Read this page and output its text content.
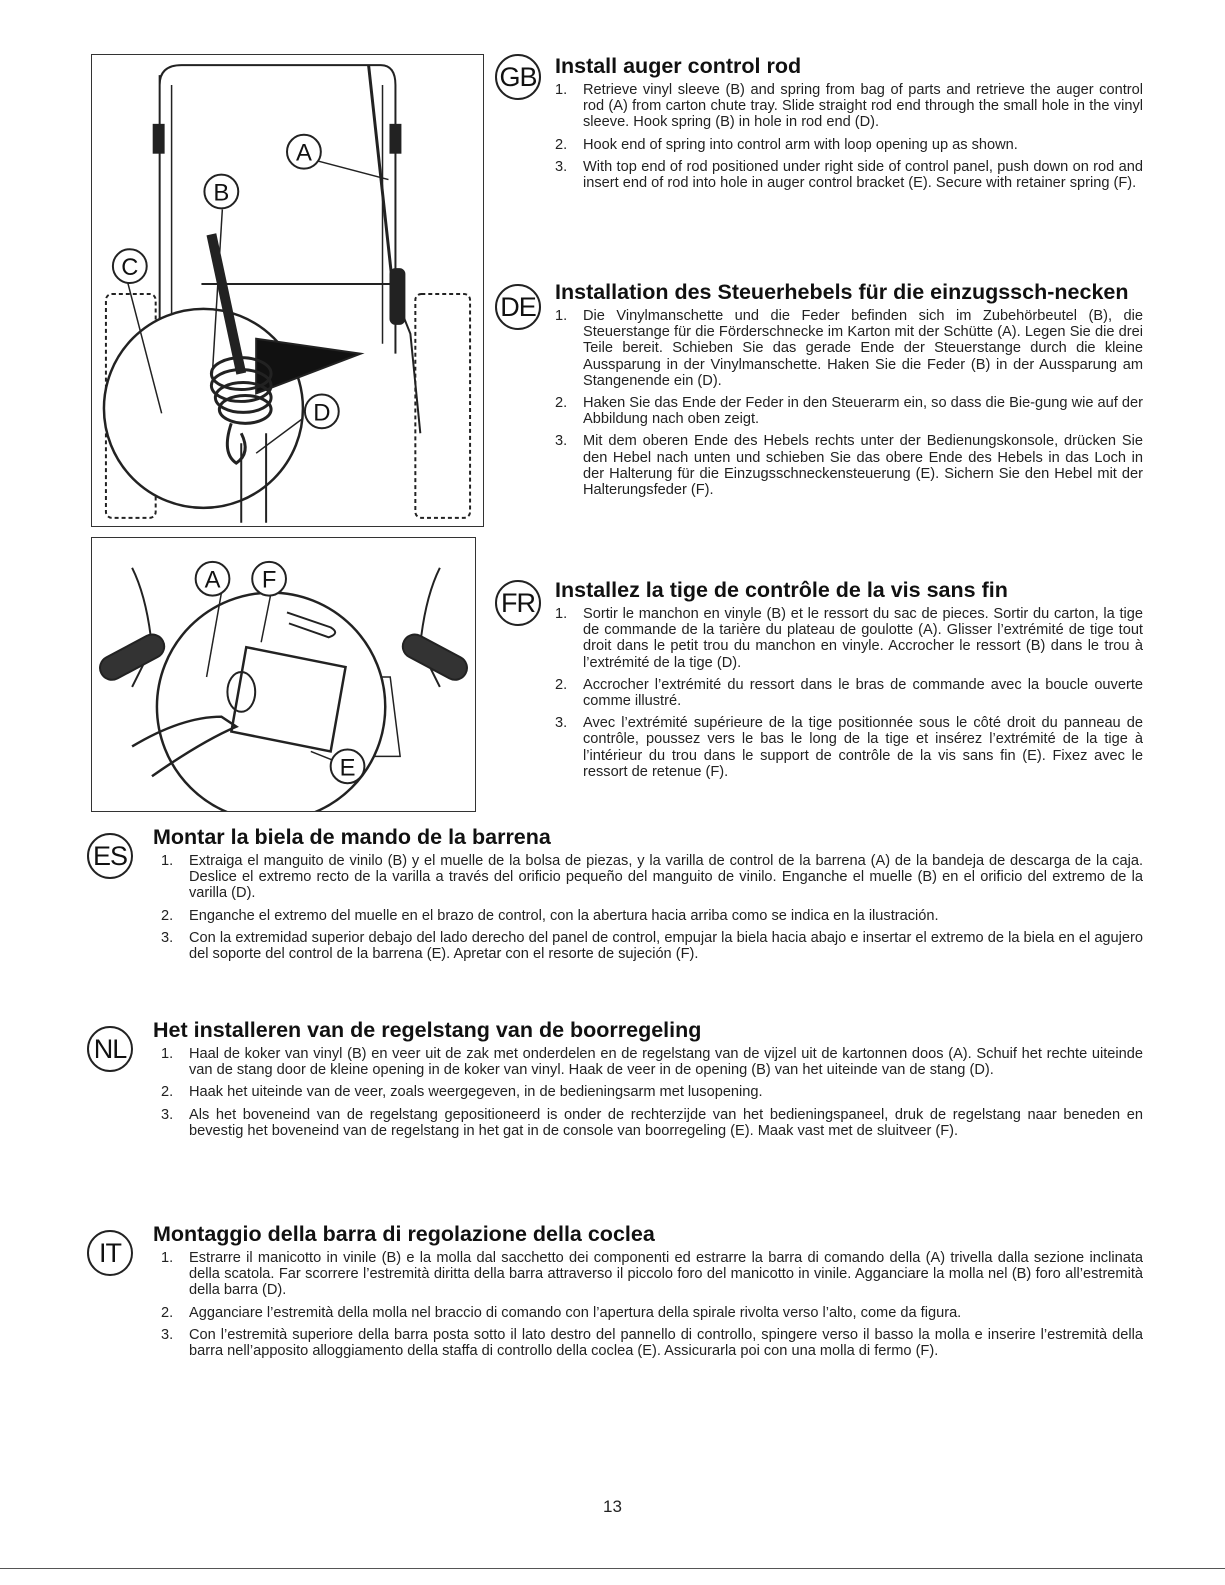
A
B
C
D
A F
E
GB Install auger control rod
1. Retrieve vinyl sleeve (B) and spring from bag of parts and retrieve the auger control rod (A) from carton chute tray. Slide straight rod end through the small hole in the vinyl sleeve. Hook spring (B) in hole in rod end (D).
2. Hook end of spring into control arm with loop opening up as shown.
3. With top end of rod positioned under right side of control panel, push down on rod and insert end of rod into hole in auger control bracket (E). Secure with retainer spring (F).
DE Installation des Steuerhebels für die einzugssch-necken
1. Die Vinylmanschette und die Feder befinden sich im Zubehörbeutel (B), die Steuerstange für die Förderschnecke im Karton mit der Schütte (A). Legen Sie die drei Teile bereit. Schieben Sie das gerade Ende der Steuerstange durch die kleine Aussparung in der Vinylmanschette. Haken Sie die Feder (B) in der Aussparung am Stangenende ein (D).
2. Haken Sie das Ende der Feder in den Steuerarm ein, so dass die Bie-gung wie auf der Abbildung nach oben zeigt.
3. Mit dem oberen Ende des Hebels rechts unter der Bedienungskonsole, drücken Sie den Hebel nach unten und schieben Sie das obere Ende des Hebels in das Loch in der Halterung für die Einzugsschneckensteuerung (E). Sichern Sie den Hebel mit der Halterungsfeder (F).
FR Installez la tige de contrôle de la vis sans fin
1. Sortir le manchon en vinyle (B) et le ressort du sac de pieces. Sortir du carton, la tige de commande de la tarière du plateau de goulotte (A). Glisser l’extrémité de tige tout droit dans le petit trou du manchon en vinyle. Accrocher le ressort (B) dans le trou à l’extrémité de la tige (D).
2. Accrocher l’extrémité du ressort dans le bras de commande avec la boucle ouverte comme illustré.
3. Avec l’extrémité supérieure de la tige positionnée sous le côté droit du panneau de contrôle, poussez vers le bas le long de la tige et insérez l’extrémité de la tige à l’intérieur du trou dans le support de contrôle de la vis sans fin (E). Fixez avec le ressort de retenue (F).
ES
Montar la biela de mando de la barrena
1. Extraiga el manguito de vinilo (B) y el muelle de la bolsa de piezas, y la varilla de control de la barrena (A) de la bandeja de descarga de la caja. Deslice el extremo recto de la varilla a través del orificio pequeño del manguito de vinilo. Enganche el muelle (B) en el orificio del extremo de la varilla (D).
2. Enganche el extremo del muelle en el brazo de control, con la abertura hacia arriba como se indica en la ilustración.
3. Con la extremidad superior debajo del lado derecho del panel de control, empujar la biela hacia abajo e insertar el extremo de la biela en el agujero del soporte del control de la barrena (E). Apretar con el resorte de sujeción (F).
NL
Het installeren van de regelstang van de boorregeling
1. Haal de koker van vinyl (B) en veer uit de zak met onderdelen en de regelstang van de vijzel uit de kartonnen doos (A). Schuif het rechte uiteinde van de stang door de kleine opening in de koker van vinyl. Haak de veer in de opening (B) van het uiteinde van de stang (D).
2. Haak het uiteinde van de veer, zoals weergegeven, in de bedieningsarm met lusopening.
3. Als het boveneind van de regelstang gepositioneerd is onder de rechterzijde van het bedieningspaneel, druk de regelstang naar beneden en bevestig het boveneind van de regelstang in het gat in de console van boorregeling (E). Maak vast met de sluitveer (F).
IT
Montaggio della barra di regolazione della coclea
1. Estrarre il manicotto in vinile (B) e la molla dal sacchetto dei componenti ed estrarre la barra di comando della (A) trivella dalla sezione inclinata della scatola. Far scorrere l’estremità diritta della barra attraverso il piccolo foro del manicotto in vinile. Agganciare la molla nel (B) foro all’estremità della barra (D).
2. Agganciare l’estremità della molla nel braccio di comando con l’apertura della spirale rivolta verso l’alto, come da figura.
3. Con l’estremità superiore della barra posta sotto il lato destro del pannello di controllo, spingere verso il basso la molla e inserire l’estremità della barra nell’apposito alloggiamento della staffa di controllo della coclea (E). Assicurarla poi con una molla di fermo (F).
13
